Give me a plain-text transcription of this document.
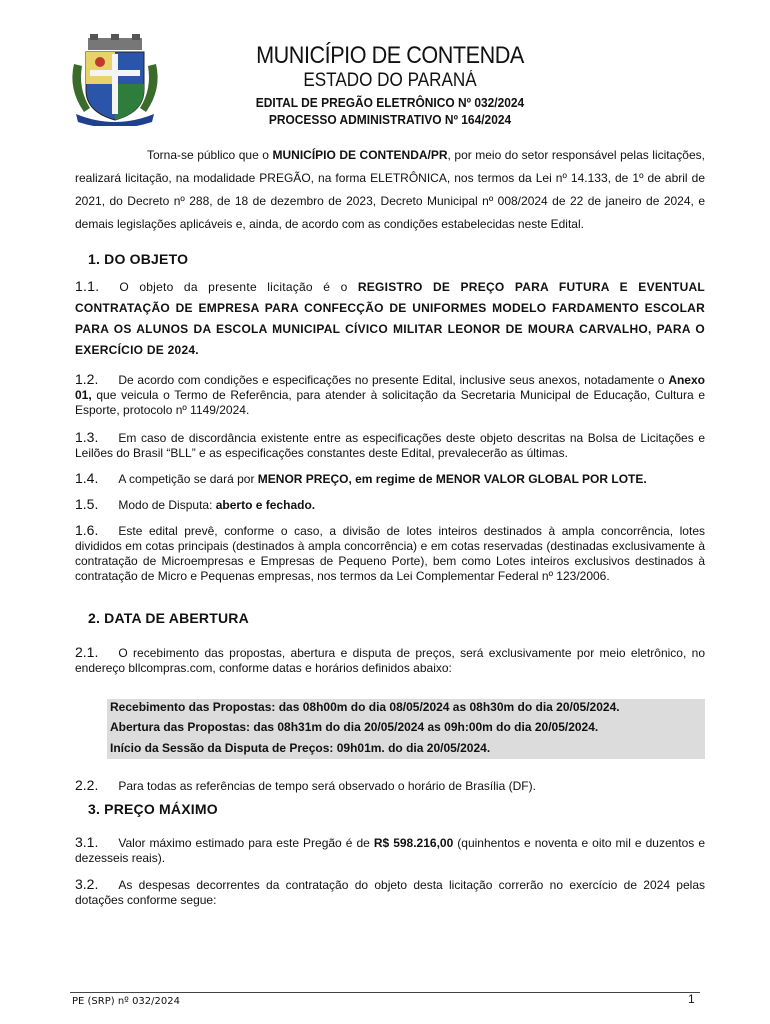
MUNICÍPIO DE CONTENDA
ESTADO DO PARANÁ
EDITAL DE PREGÃO ELETRÔNICO Nº 032/2024
PROCESSO ADMINISTRATIVO Nº 164/2024
Torna-se público que o MUNICÍPIO DE CONTENDA/PR, por meio do setor responsável pelas licitações, realizará licitação, na modalidade PREGÃO, na forma ELETRÔNICA, nos termos da Lei nº 14.133, de 1º de abril de 2021, do Decreto nº 288, de 18 de dezembro de 2023, Decreto Municipal nº 008/2024 de 22 de janeiro de 2024, e demais legislações aplicáveis e, ainda, de acordo com as condições estabelecidas neste Edital.
1. DO OBJETO
1.1. O objeto da presente licitação é o REGISTRO DE PREÇO PARA FUTURA E EVENTUAL CONTRATAÇÃO DE EMPRESA PARA CONFECÇÃO DE UNIFORMES MODELO FARDAMENTO ESCOLAR PARA OS ALUNOS DA ESCOLA MUNICIPAL CÍVICO MILITAR LEONOR DE MOURA CARVALHO, PARA O EXERCÍCIO DE 2024.
1.2. De acordo com condições e especificações no presente Edital, inclusive seus anexos, notadamente o Anexo 01, que veicula o Termo de Referência, para atender à solicitação da Secretaria Municipal de Educação, Cultura e Esporte, protocolo nº 1149/2024.
1.3. Em caso de discordância existente entre as especificações deste objeto descritas na Bolsa de Licitações e Leilões do Brasil “BLL” e as especificações constantes deste Edital, prevalecerão as últimas.
1.4. A competição se dará por MENOR PREÇO, em regime de MENOR VALOR GLOBAL POR LOTE.
1.5. Modo de Disputa: aberto e fechado.
1.6. Este edital prevê, conforme o caso, a divisão de lotes inteiros destinados à ampla concorrência, lotes divididos em cotas principais (destinados à ampla concorrência) e em cotas reservadas (destinadas exclusivamente à contratação de Microempresas e Empresas de Pequeno Porte), bem como Lotes inteiros exclusivos destinados à contratação de Micro e Pequenas empresas, nos termos da Lei Complementar Federal nº 123/2006.
2. DATA DE ABERTURA
2.1. O recebimento das propostas, abertura e disputa de preços, será exclusivamente por meio eletrônico, no endereço bllcompras.com, conforme datas e horários definidos abaixo:
Recebimento das Propostas: das 08h00m do dia 08/05/2024 as 08h30m do dia 20/05/2024.
Abertura das Propostas: das 08h31m do dia 20/05/2024 as 09h:00m do dia 20/05/2024.
Início da Sessão da Disputa de Preços: 09h01m. do dia 20/05/2024.
2.2. Para todas as referências de tempo será observado o horário de Brasília (DF).
3. PREÇO MÁXIMO
3.1. Valor máximo estimado para este Pregão é de R$ 598.216,00 (quinhentos e noventa e oito mil e duzentos e dezesseis reais).
3.2. As despesas decorrentes da contratação do objeto desta licitação correrão no exercício de 2024 pelas dotações conforme segue:
PE (SRP) nº 032/2024	1
